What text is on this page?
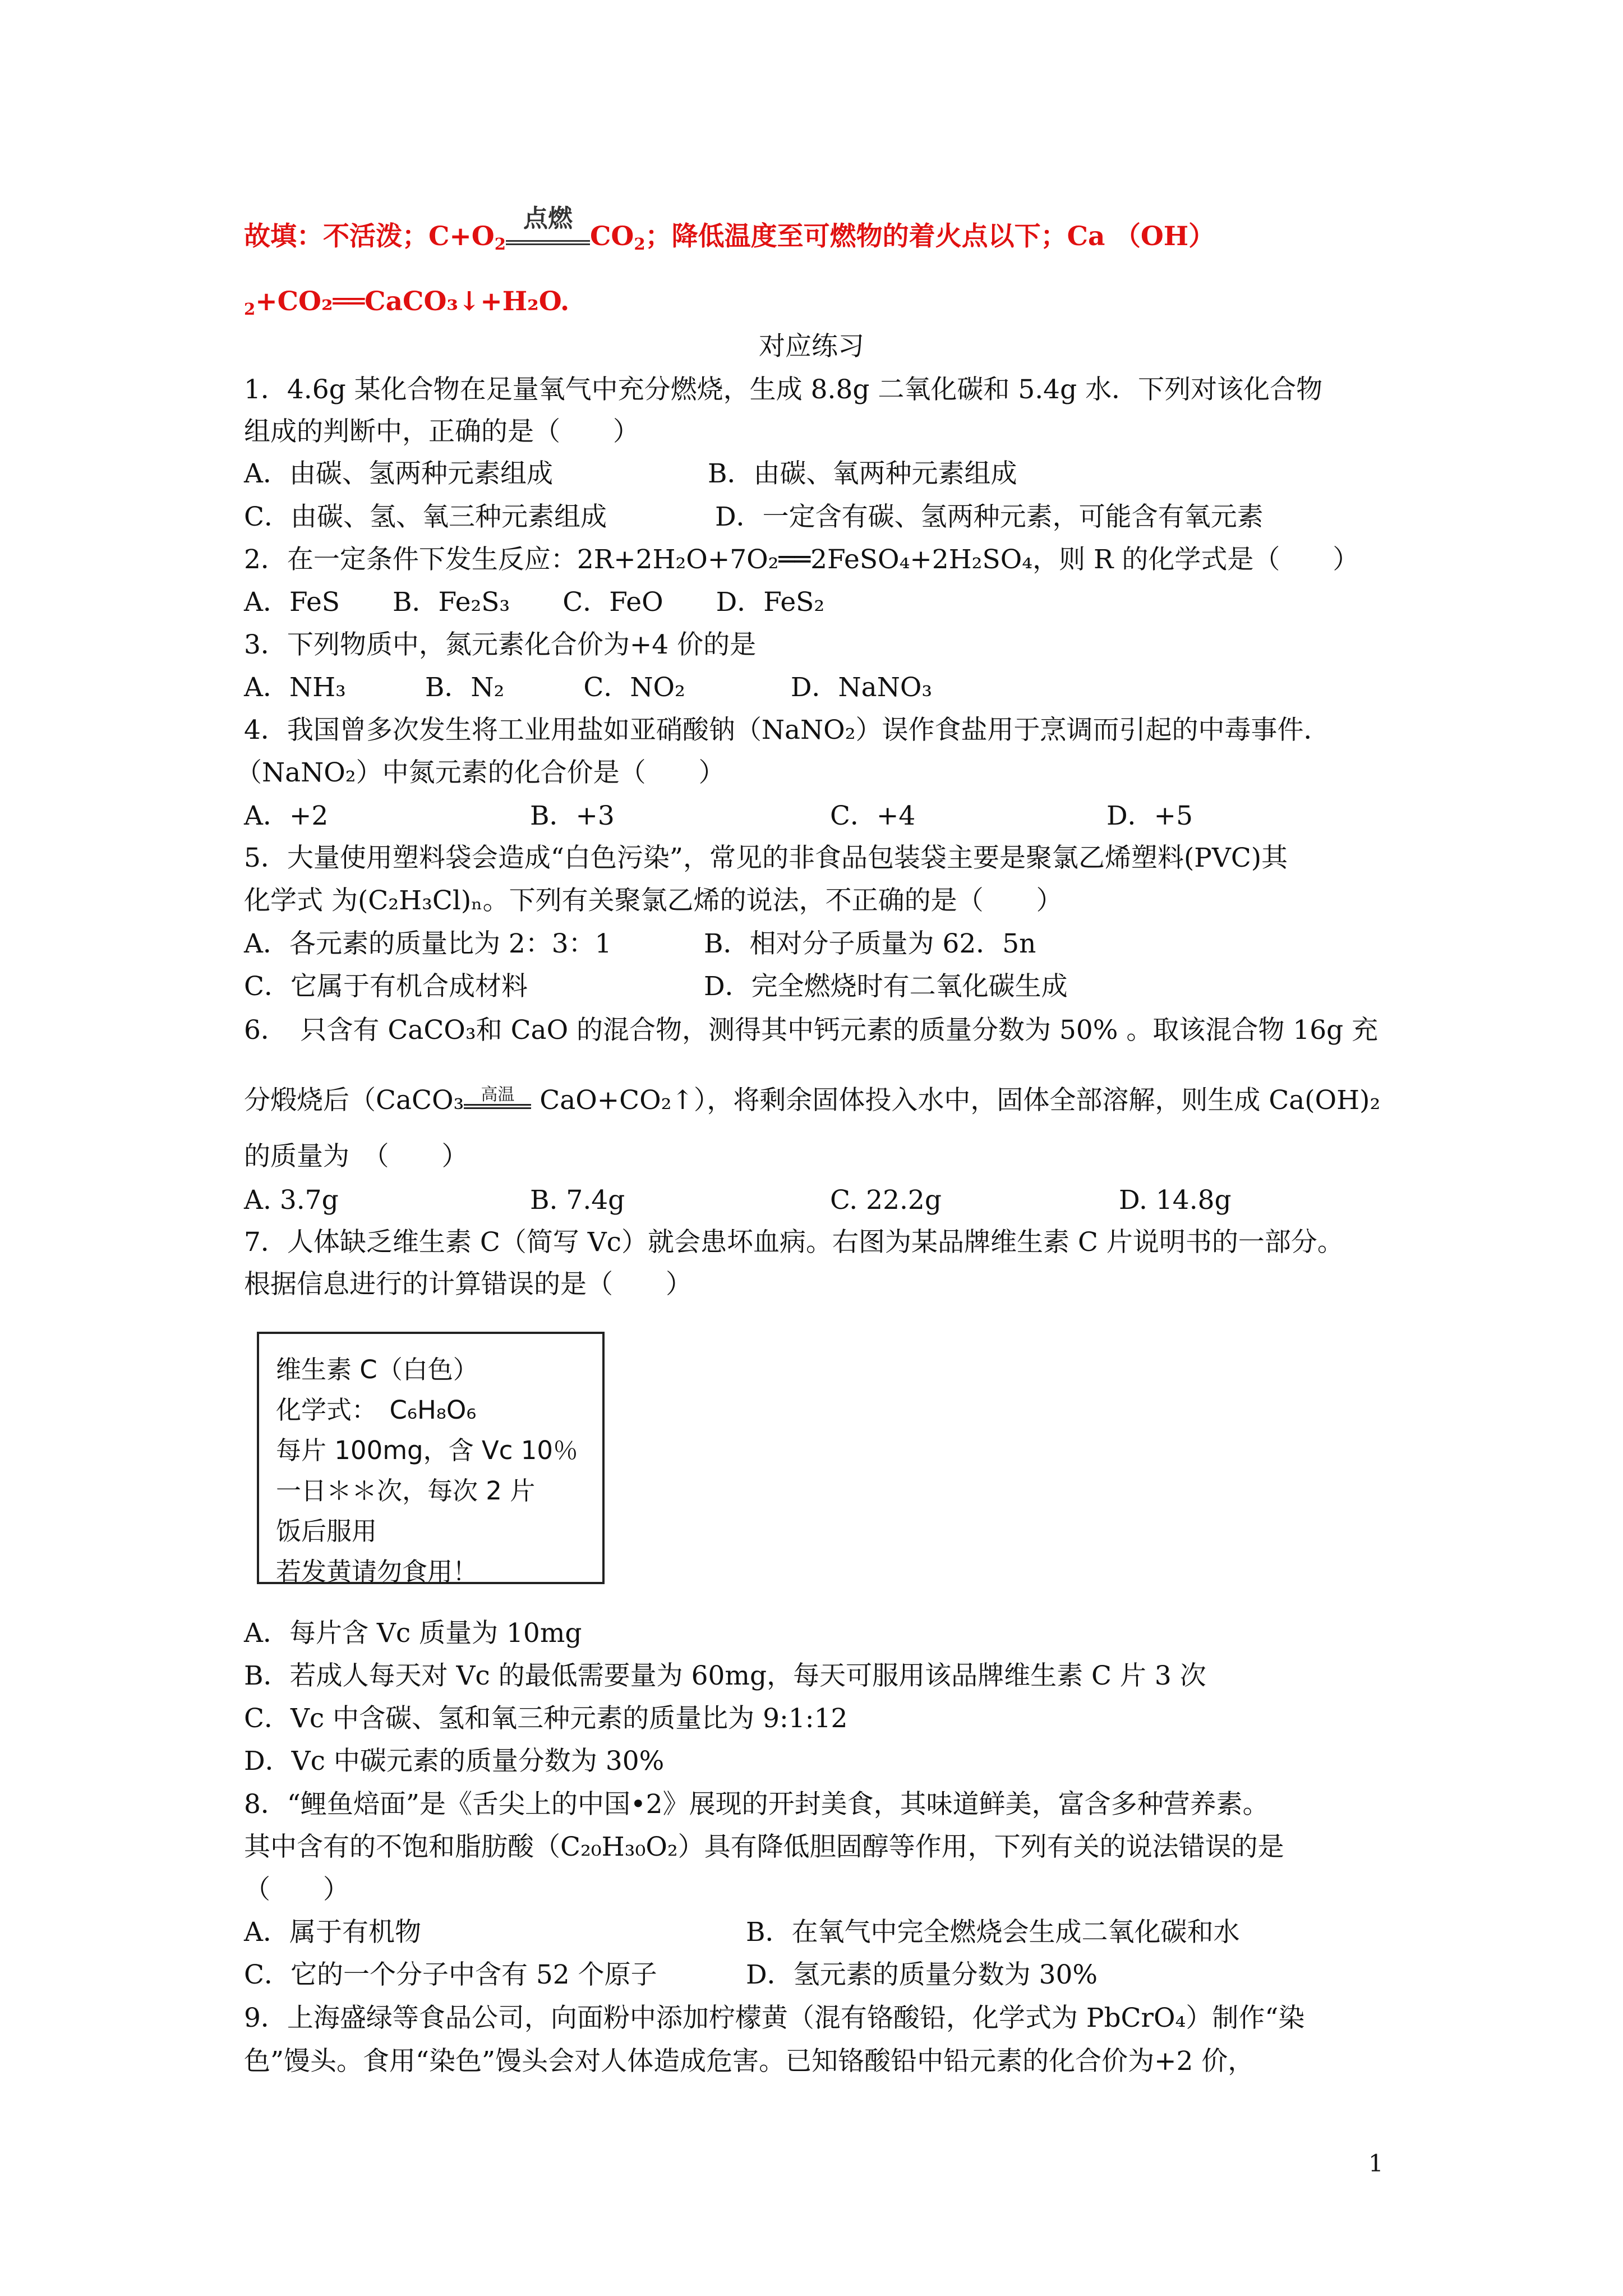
故填：不活泼；$C+O_2$
点燃
$CO_2$；降低温度至可燃物的着火点以下；Ca （OH）
$_2$+CO₂══CaCO₃↓+H₂O.
对应练习
1．4.6g 某化合物在足量氧气中充分燃烧，生成 8.8g 二氧化碳和 5.4g 水．下列对该化合物
组成的判断中，正确的是（　　）
A．由碳、氢两种元素组成	B．由碳、氧两种元素组成
C．由碳、氢、氧三种元素组成	D．一定含有碳、氢两种元素，可能含有氧元素
2．在一定条件下发生反应：2R+2H₂O+7O₂══2FeSO₄+2H₂SO₄，则 R 的化学式是（　　）
A．FeS　　B．Fe₂S₃　　C．FeO　　D．FeS₂
3．下列物质中，氮元素化合价为+4 价的是
A．NH₃　　　B．N₂　　　C．NO₂　　　　D．NaNO₃
4．我国曾多次发生将工业用盐如亚硝酸钠（NaNO₂）误作食盐用于烹调而引起的中毒事件．
（NaNO₂）中氮元素的化合价是（　　）
A．+2	B．+3	C．+4	D．+5
5．大量使用塑料袋会造成“白色污染”，常见的非食品包装袋主要是聚氯乙烯塑料(PVC)其
化学式 为(C₂H₃Cl)ₙ。下列有关聚氯乙烯的说法，不正确的是（　　）
A．各元素的质量比为 2：3：1	B．相对分子质量为 62．5n
C．它属于有机合成材料	D．完全燃烧时有二氧化碳生成
6．　只含有 CaCO₃和 CaO 的混合物，测得其中钙元素的质量分数为 50% 。取该混合物 16g 充
分煅烧后（CaCO₃	高温 CaO+CO₂↑），将剩余固体投入水中，固体全部溶解，则生成 Ca(OH)₂
的质量为　（　　）
A. 3.7g	B. 7.4g	C. 22.2g	D. 14.8g
7．人体缺乏维生素 C（简写 Vc）就会患坏血病。右图为某品牌维生素 C 片说明书的一部分。
根据信息进行的计算错误的是（　　）
维生素 C（白色）
化学式：　C₆H₈O₆
每片 100mg，含 Vc 10％
一日＊＊次，每次 2 片
饭后服用
若发黄请勿食用！
A．每片含 Vc 质量为 10mg
B．若成人每天对 Vc 的最低需要量为 60mg，每天可服用该品牌维生素 C 片 3 次
C．Vc 中含碳、氢和氧三种元素的质量比为 9:1:12
D．Vc 中碳元素的质量分数为 30%
8．“鲤鱼焙面”是《舌尖上的中国•2》展现的开封美食，其味道鲜美，富含多种营养素。
其中含有的不饱和脂肪酸（C₂₀H₃₀O₂）具有降低胆固醇等作用，下列有关的说法错误的是
（　　）
A．属于有机物	B．在氧气中完全燃烧会生成二氧化碳和水
C．它的一个分子中含有 52 个原子	D．氢元素的质量分数为 30%
9．上海盛绿等食品公司，向面粉中添加柠檬黄（混有铬酸铅，化学式为 PbCrO₄）制作“染
色”馒头。食用“染色”馒头会对人体造成危害。已知铬酸铅中铅元素的化合价为+2 价，
1
